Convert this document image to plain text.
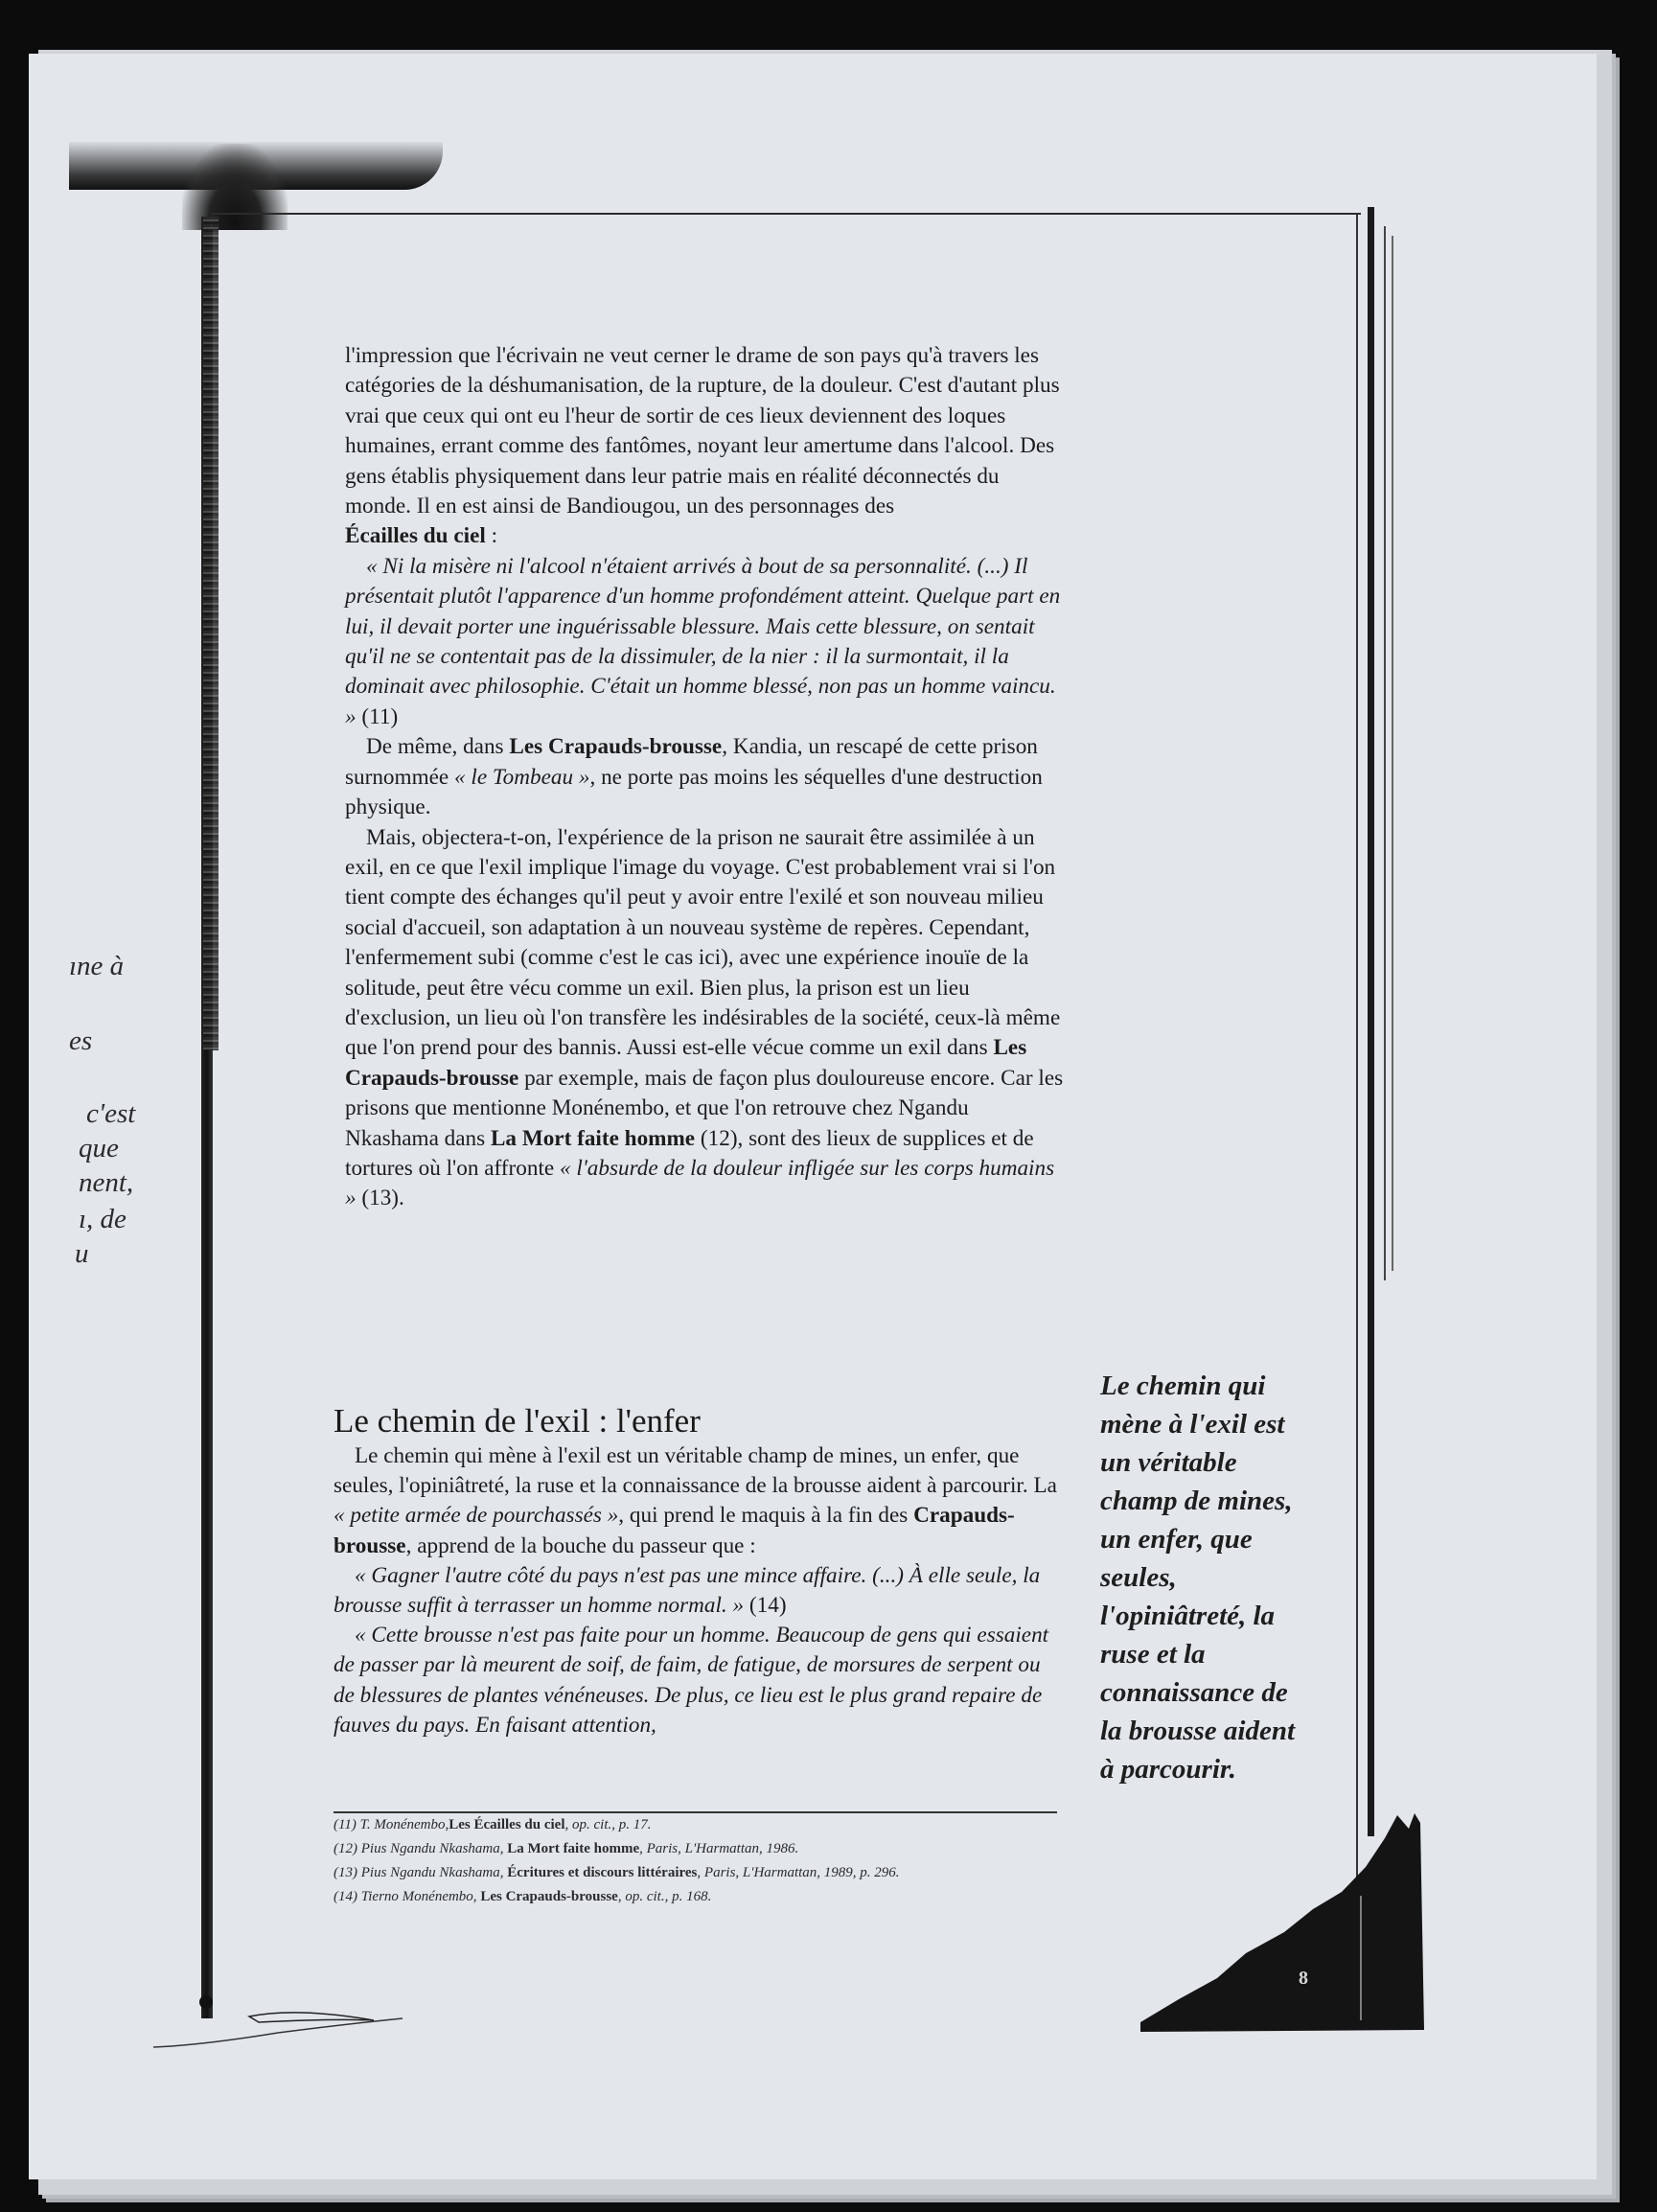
ıne à
es
c'est
que
nent,
ı, de
u
8

l'impression que l'écrivain ne veut cerner le drame de son pays qu'à travers les catégories de la déshumanisation, de la rupture, de la douleur. C'est d'autant plus vrai que ceux qui ont eu l'heur de sortir de ces lieux deviennent des loques humaines, errant comme des fantômes, noyant leur amertume dans l'alcool. Des gens établis physiquement dans leur patrie mais en réalité déconnectés du monde. Il en est ainsi de Bandiougou, un des personnages des
Écailles du ciel :

« Ni la misère ni l'alcool n'étaient arrivés à bout de sa personnalité. (...) Il présentait plutôt l'apparence d'un homme profondément atteint. Quelque part en lui, il devait porter une inguérissable blessure. Mais cette blessure, on sentait qu'il ne se contentait pas de la dissimuler, de la nier : il la surmontait, il la dominait avec philosophie. C'était un homme blessé, non pas un homme vaincu. » (11)

De même, dans Les Crapauds-brousse, Kandia, un rescapé de cette prison surnommée « le Tombeau », ne porte pas moins les séquelles d'une destruction physique.

Mais, objectera-t-on, l'expérience de la prison ne saurait être assimilée à un exil, en ce que l'exil implique l'image du voyage. C'est probablement vrai si l'on tient compte des échanges qu'il peut y avoir entre l'exilé et son nouveau milieu social d'accueil, son adaptation à un nouveau système de repères. Cependant, l'enfermement subi (comme c'est le cas ici), avec une expérience inouïe de la solitude, peut être vécu comme un exil. Bien plus, la prison est un lieu d'exclusion, un lieu où l'on transfère les indésirables de la société, ceux-là même que l'on prend pour des bannis. Aussi est-elle vécue comme un exil dans Les Crapauds-brousse par exemple, mais de façon plus douloureuse encore. Car les prisons que mentionne Monénembo, et que l'on retrouve chez Ngandu Nkashama dans La Mort faite homme (12), sont des lieux de supplices et de tortures où l'on affronte « l'absurde de la douleur infligée sur les corps humains » (13).

Le chemin de l'exil : l'enfer

Le chemin qui mène à l'exil est un véritable champ de mines, un enfer, que seules, l'opiniâtreté, la ruse et la connaissance de la brousse aident à parcourir. La « petite armée de pourchassés », qui prend le maquis à la fin des Crapauds-brousse, apprend de la bouche du passeur que :

« Gagner l'autre côté du pays n'est pas une mince affaire. (...) À elle seule, la brousse suffit à terrasser un homme normal. » (14)

« Cette brousse n'est pas faite pour un homme. Beaucoup de gens qui essaient de passer par là meurent de soif, de faim, de fatigue, de morsures de serpent ou de blessures de plantes vénéneuses. De plus, ce lieu est le plus grand repaire de fauves du pays. En faisant attention,

(11) T. Monénembo,Les Écailles du ciel, op. cit., p. 17.

(12) Pius Ngandu Nkashama, La Mort faite homme, Paris, L'Harmattan, 1986.

(13) Pius Ngandu Nkashama, Écritures et discours littéraires, Paris, L'Harmattan, 1989, p. 296.

(14) Tierno Monénembo, Les Crapauds-brousse, op. cit., p. 168.

Le chemin qui
mène à l'exil est
un véritable
champ de mines,
un enfer, que
seules,
l'opiniâtreté, la
ruse et la
connaissance de
la brousse aident
à parcourir.
